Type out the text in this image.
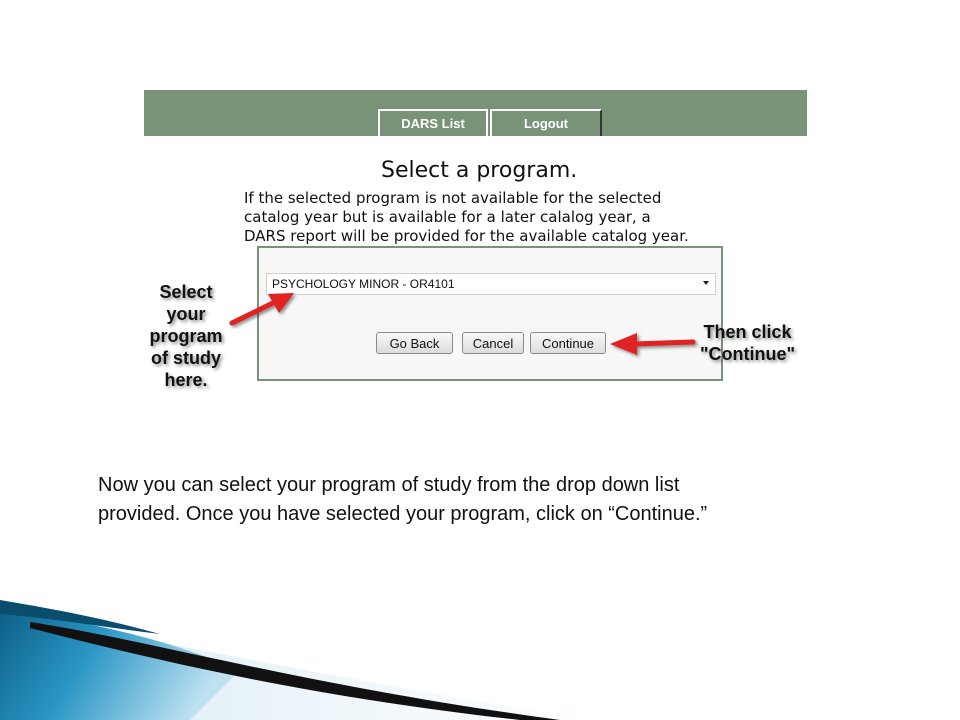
DARS List	Logout
Select a program.
If the selected program is not available for the selected
catalog year but is available for a later calalog year, a
DARS report will be provided for the available catalog year.
PSYCHOLOGY MINOR - OR4101
Go Back	Cancel	Continue
Select
your
program
of study
here.
Then click
"Continue"
Now you can select your program of study from the drop down list
provided. Once you have selected your program, click on “Continue.”
